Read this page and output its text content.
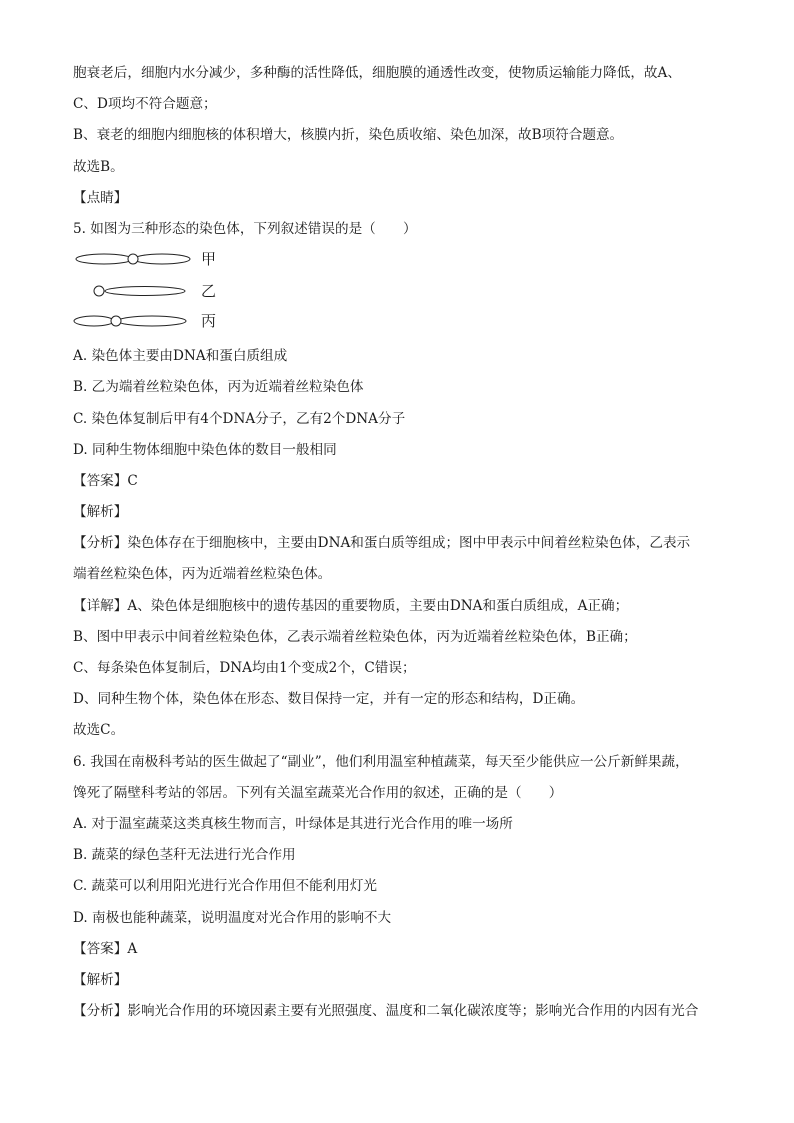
胞衰老后，细胞内水分减少，多种酶的活性降低，细胞膜的通透性改变，使物质运输能力降低，故A、
C、D项均不符合题意；
B、衰老的细胞内细胞核的体积增大，核膜内折，染色质收缩、染色加深，故B项符合题意。
故选B。
【点睛】
5. 如图为三种形态的染色体，下列叙述错误的是（　　）
甲
乙
丙
A. 染色体主要由DNA和蛋白质组成
B. 乙为端着丝粒染色体，丙为近端着丝粒染色体
C. 染色体复制后甲有4个DNA分子，乙有2个DNA分子
D. 同种生物体细胞中染色体的数目一般相同
【答案】C
【解析】
【分析】染色体存在于细胞核中，主要由DNA和蛋白质等组成；图中甲表示中间着丝粒染色体，乙表示
端着丝粒染色体，丙为近端着丝粒染色体。
【详解】A、染色体是细胞核中的遗传基因的重要物质，主要由DNA和蛋白质组成，A正确；
B、图中甲表示中间着丝粒染色体，乙表示端着丝粒染色体，丙为近端着丝粒染色体，B正确；
C、每条染色体复制后，DNA均由1个变成2个，C错误；
D、同种生物个体，染色体在形态、数目保持一定，并有一定的形态和结构，D正确。
故选C。
6. 我国在南极科考站的医生做起了“副业”，他们利用温室种植蔬菜，每天至少能供应一公斤新鲜果蔬，
馋死了隔壁科考站的邻居。下列有关温室蔬菜光合作用的叙述，正确的是（　　）
A. 对于温室蔬菜这类真核生物而言，叶绿体是其进行光合作用的唯一场所
B. 蔬菜的绿色茎秆无法进行光合作用
C. 蔬菜可以利用阳光进行光合作用但不能利用灯光
D. 南极也能种蔬菜，说明温度对光合作用的影响不大
【答案】A
【解析】
【分析】影响光合作用的环境因素主要有光照强度、温度和二氧化碳浓度等；影响光合作用的内因有光合
